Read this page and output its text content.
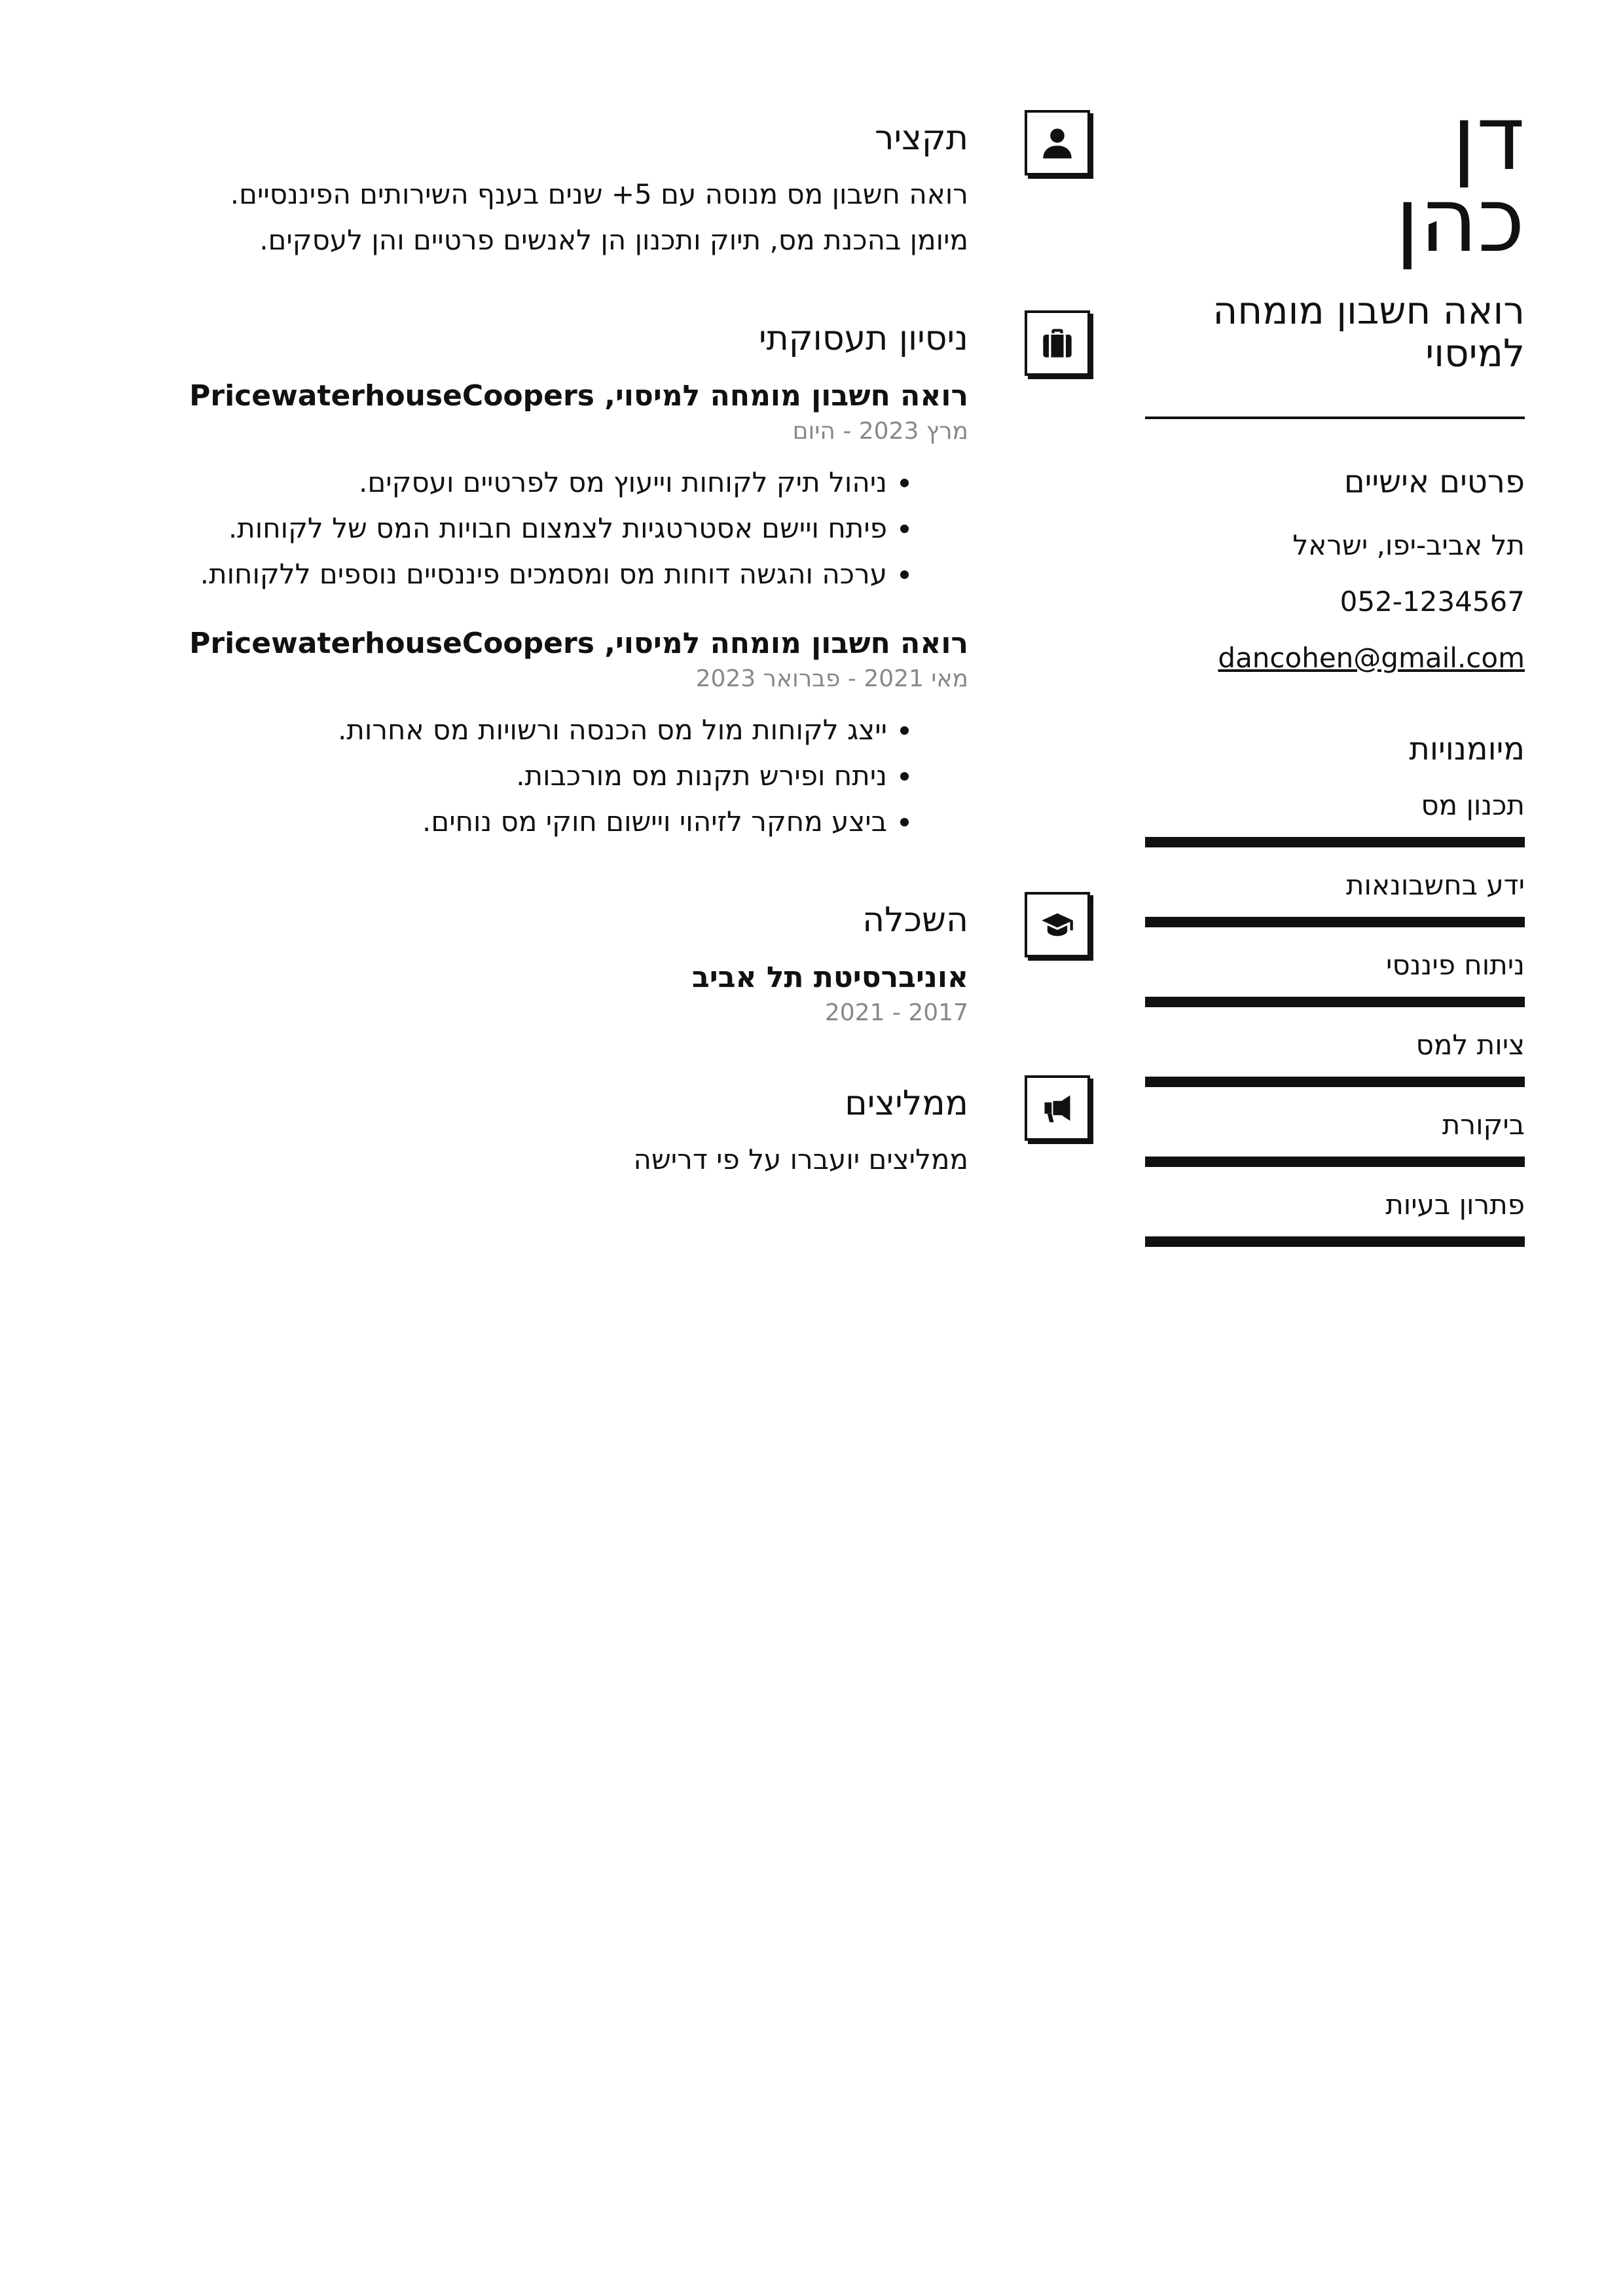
דן
כהן
רואה חשבון מומחה למיסוי
פרטים אישיים
תל אביב-יפו, ישראל
052-1234567
dancohen@gmail.com
מיומנויות
תכנון מס
ידע בחשבונאות
ניתוח פיננסי
ציות למס
ביקורת
פתרון בעיות
תקציר

רואה חשבון מס מנוסה עם 5+ שנים בענף השירותים הפיננסיים. מיומן בהכנת מס, תיוק ותכנון הן לאנשים פרטיים והן לעסקים.

ניסיון תעסוקתי
רואה חשבון מומחה למיסוי, PricewaterhouseCoopers
מרץ 2023 - היום
• ניהול תיק לקוחות וייעוץ מס לפרטיים ועסקים.
• פיתח ויישם אסטרטגיות לצמצום חבויות המס של לקוחות.
• ערכה והגשה דוחות מס ומסמכים פיננסיים נוספים ללקוחות.
רואה חשבון מומחה למיסוי, PricewaterhouseCoopers
מאי 2021 - פברואר 2023
• ייצג לקוחות מול מס הכנסה ורשויות מס אחרות.
• ניתח ופירש תקנות מס מורכבות.
• ביצע מחקר לזיהוי ויישום חוקי מס נוחים.
השכלה
אוניברסיטת תל אביב
2017 - 2021
ממליצים

ממליצים יועברו על פי דרישה
